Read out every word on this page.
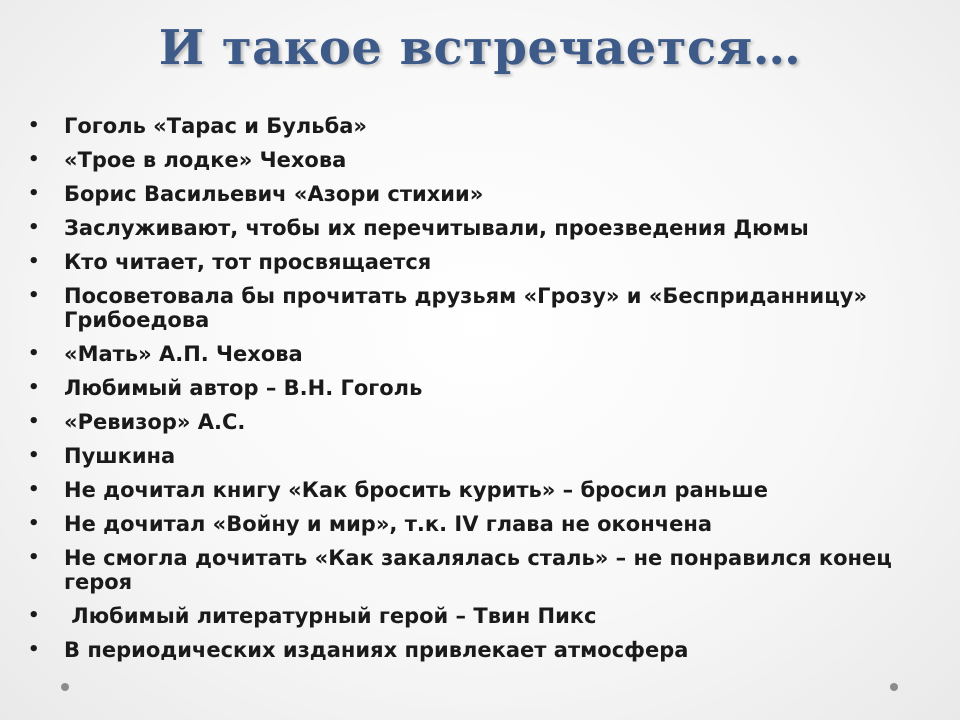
И такое встречается…
• Гоголь «Тарас и Бульба»
• «Трое в лодке» Чехова
• Борис Васильевич «Азори стихии»
• Заслуживают, чтобы их перечитывали, проезведения Дюмы
• Кто читает, тот просвящается
• Посоветовала бы прочитать друзьям «Грозу» и «Бесприданницу» Грибоедова
• «Мать» А.П. Чехова
• Любимый автор – В.Н. Гоголь
• «Ревизор» А.С.
• Пушкина
• Не дочитал книгу «Как бросить курить» – бросил раньше
• Не дочитал «Войну и мир», т.к. IV глава не окончена
• Не смогла дочитать «Как закалялась сталь» – не понравился конец героя
• Любимый литературный герой – Твин Пикс
• В периодических изданиях привлекает атмосфера
